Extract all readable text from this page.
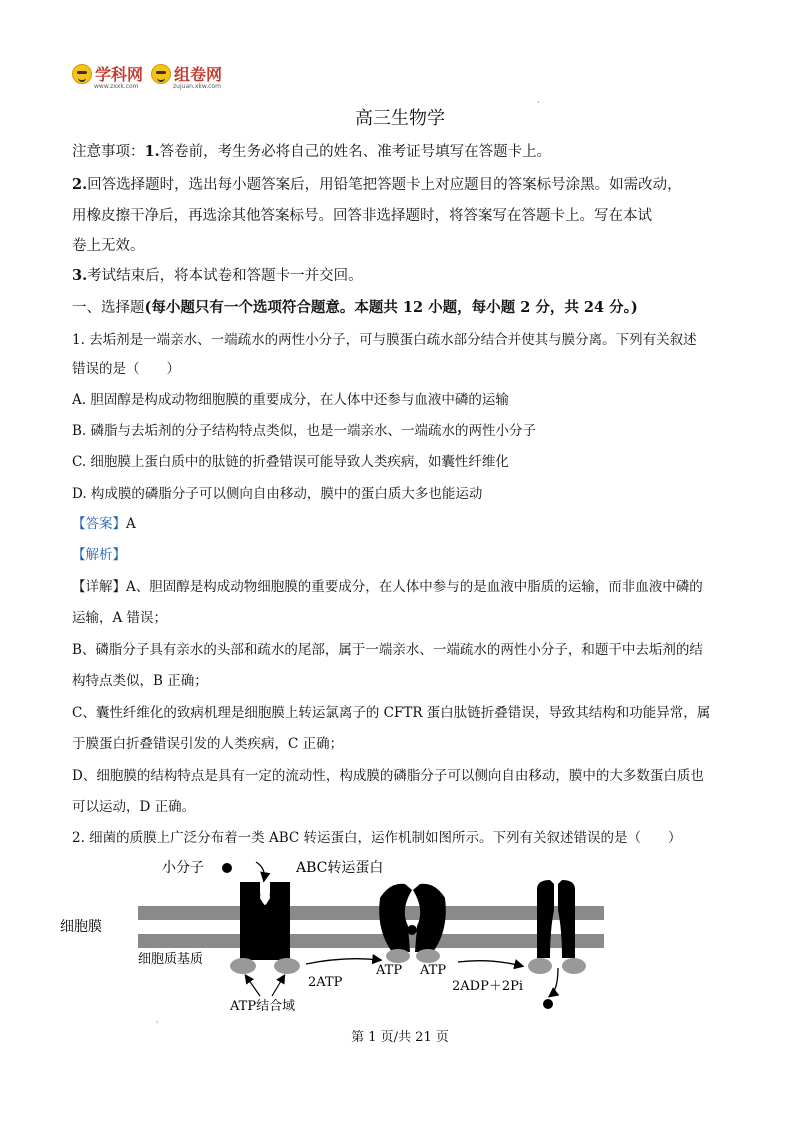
学科网
www.zxxk.com
组卷网
zujuan.xkw.com
`
高三生物学
注意事项：1.答卷前，考生务必将自己的姓名、准考证号填写在答题卡上。
2.回答选择题时，选出每小题答案后，用铅笔把答题卡上对应题目的答案标号涂黑。如需改动，
用橡皮擦干净后，再选涂其他答案标号。回答非选择题时，将答案写在答题卡上。写在本试
卷上无效。
3.考试结束后，将本试卷和答题卡一并交回。
一、选择题(每小题只有一个选项符合题意。本题共 12 小题，每小题 2 分，共 24 分。)
1. 去垢剂是一端亲水、一端疏水的两性小分子，可与膜蛋白疏水部分结合并使其与膜分离。下列有关叙述
错误的是（　　）
A. 胆固醇是构成动物细胞膜的重要成分，在人体中还参与血液中磷的运输
B. 磷脂与去垢剂的分子结构特点类似，也是一端亲水、一端疏水的两性小分子
C. 细胞膜上蛋白质中的肽链的折叠错误可能导致人类疾病，如囊性纤维化
D. 构成膜的磷脂分子可以侧向自由移动，膜中的蛋白质大多也能运动
【答案】A
【解析】
【详解】A、胆固醇是构成动物细胞膜的重要成分，在人体中参与的是血液中脂质的运输，而非血液中磷的
运输，A 错误；
B、磷脂分子具有亲水的头部和疏水的尾部，属于一端亲水、一端疏水的两性小分子，和题干中去垢剂的结
构特点类似，B 正确；
C、囊性纤维化的致病机理是细胞膜上转运氯离子的 CFTR 蛋白肽链折叠错误，导致其结构和功能异常，属
于膜蛋白折叠错误引发的人类疾病，C 正确；
D、细胞膜的结构特点是具有一定的流动性，构成膜的磷脂分子可以侧向自由移动，膜中的大多数蛋白质也
可以运动，D 正确。
2. 细菌的质膜上广泛分布着一类 ABC 转运蛋白，运作机制如图所示。下列有关叙述错误的是（　　）
小分子	ABC转运蛋白
细胞膜
细胞质基质
2ATP
ATP ATP
2ADP＋2Pi
ATP结合域
'
第 1 页/共 21 页
